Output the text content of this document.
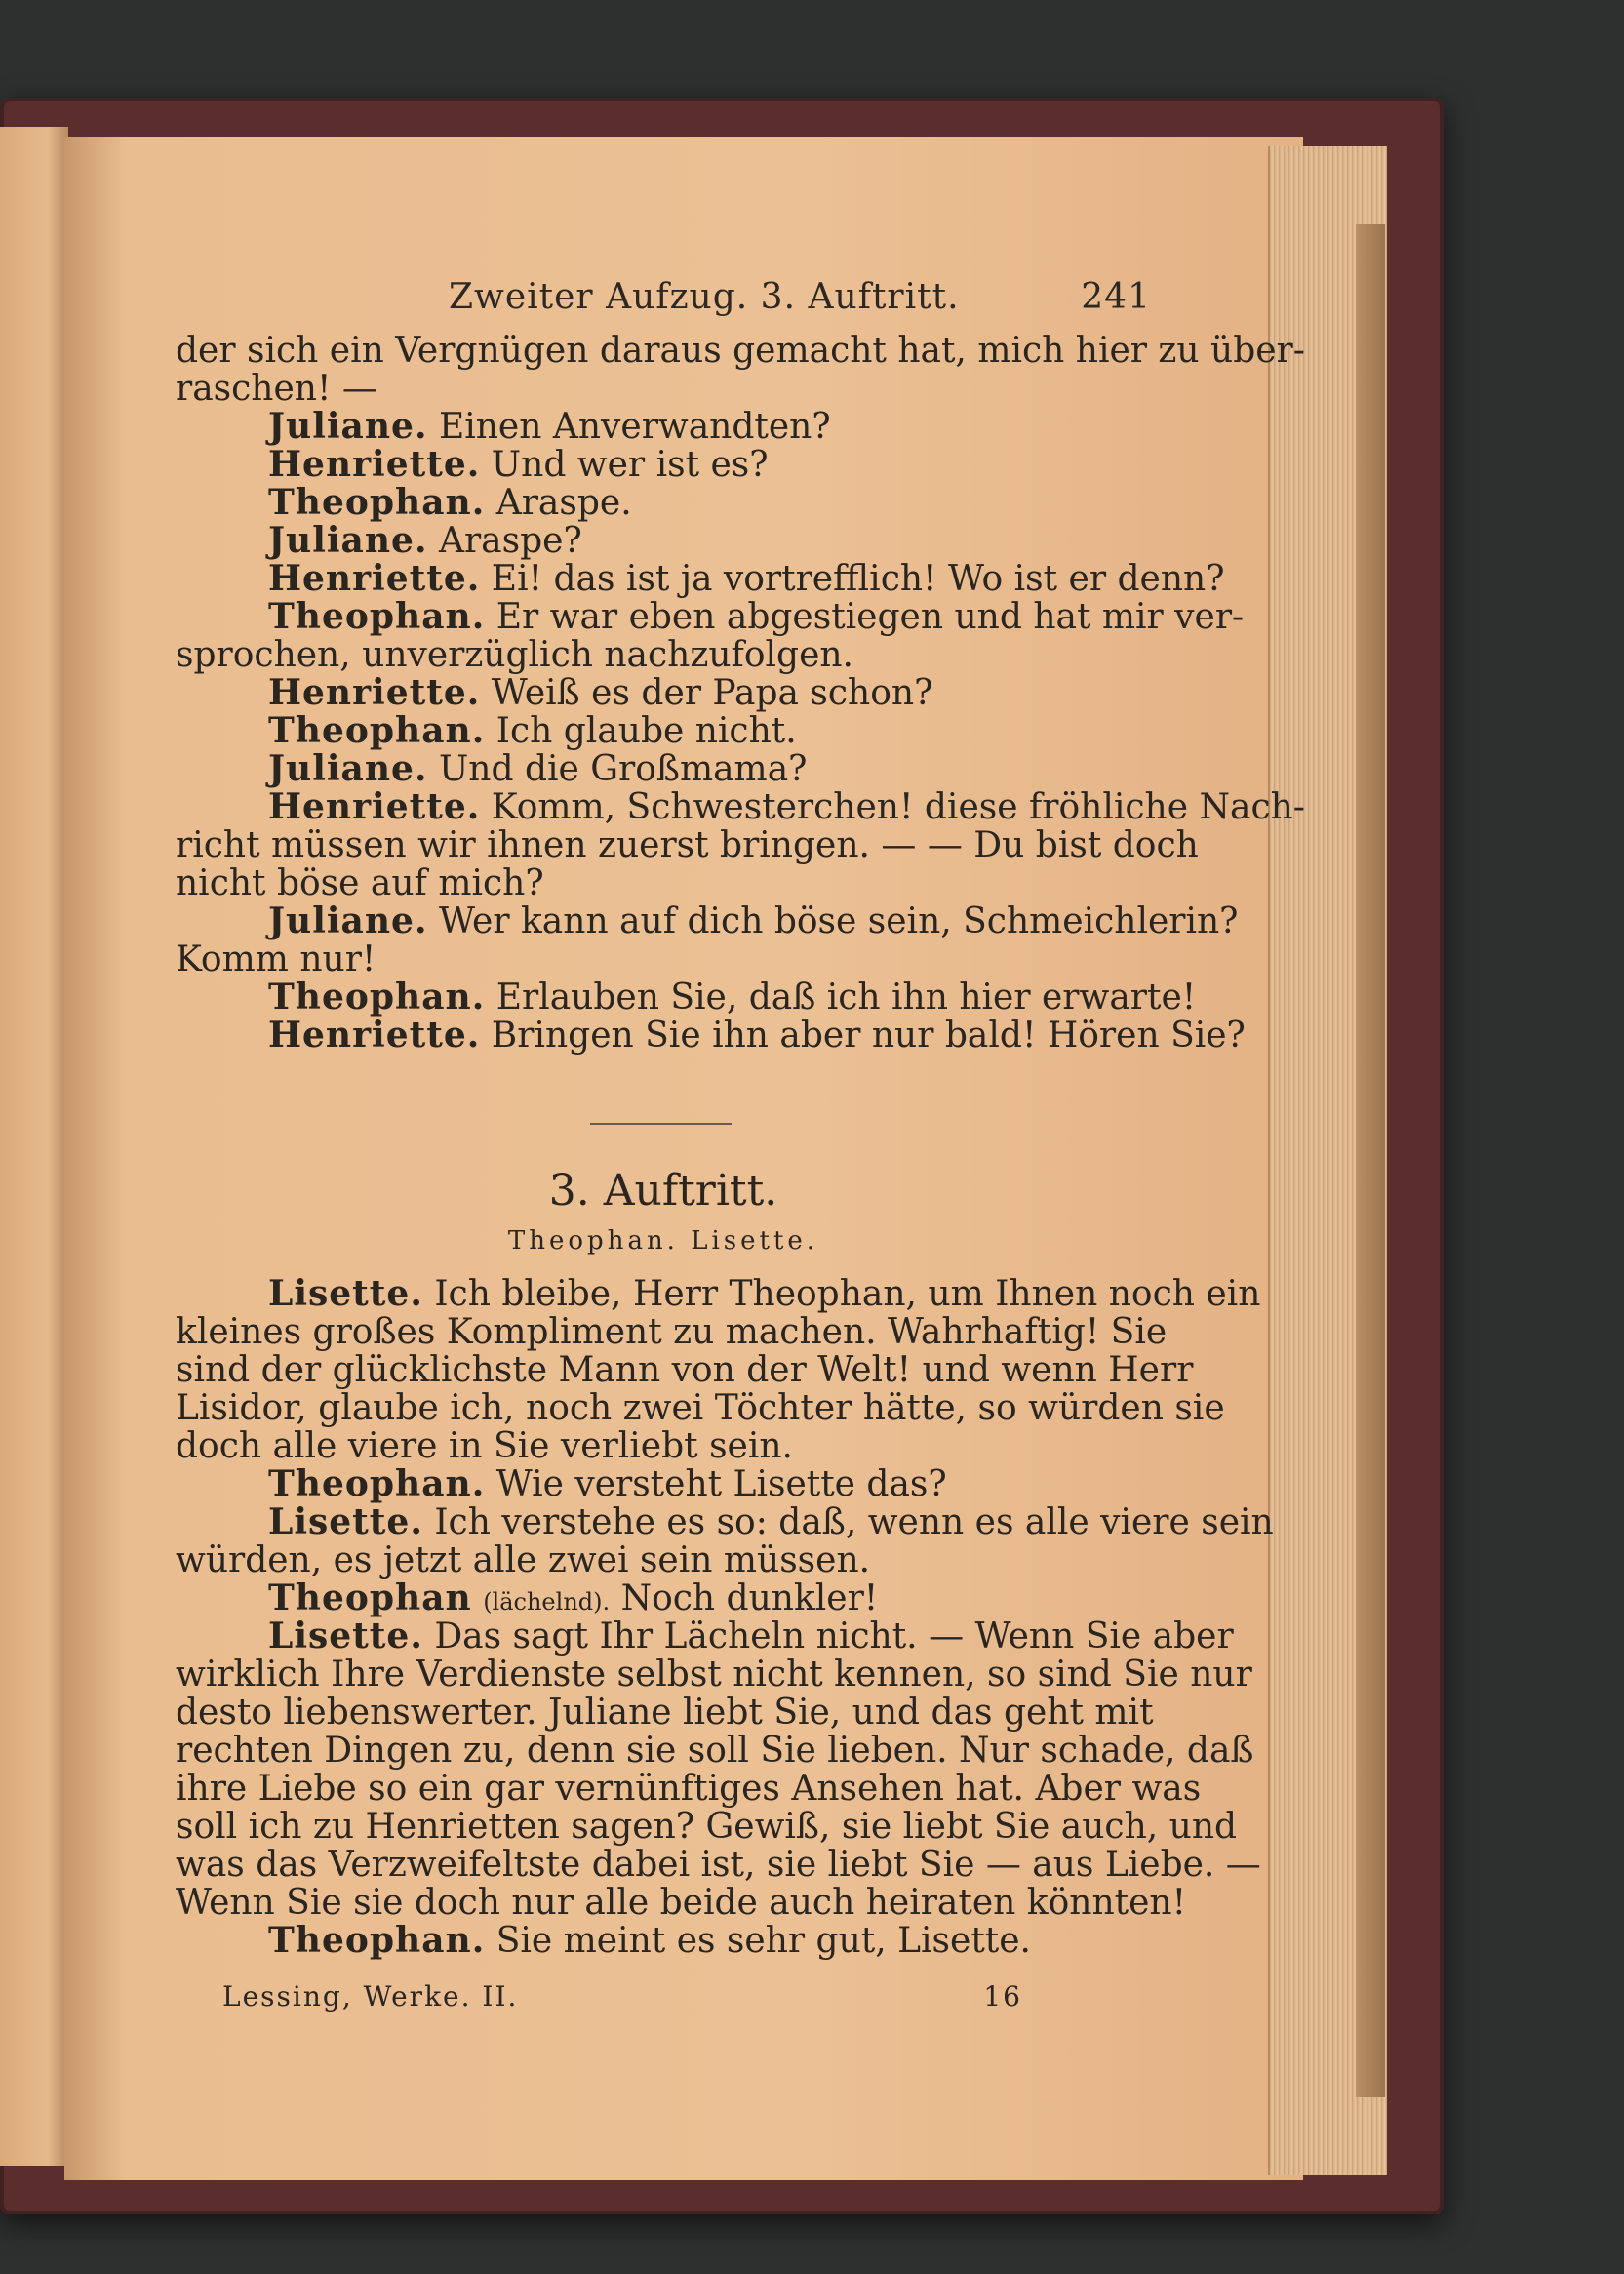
Zweiter Aufzug. 3. Auftritt.	241
der sich ein Vergnügen daraus gemacht hat, mich hier zu über-
raschen! —
Juliane. Einen Anverwandten?
Henriette. Und wer ist es?
Theophan. Araspe.
Juliane. Araspe?
Henriette. Ei! das ist ja vortrefflich! Wo ist er denn?
Theophan. Er war eben abgestiegen und hat mir ver-
sprochen, unverzüglich nachzufolgen.
Henriette. Weiß es der Papa schon?
Theophan. Ich glaube nicht.
Juliane. Und die Großmama?
Henriette. Komm, Schwesterchen! diese fröhliche Nach-
richt müssen wir ihnen zuerst bringen. — — Du bist doch
nicht böse auf mich?
Juliane. Wer kann auf dich böse sein, Schmeichlerin?
Komm nur!
Theophan. Erlauben Sie, daß ich ihn hier erwarte!
Henriette. Bringen Sie ihn aber nur bald! Hören Sie?
3. Auftritt.
Theophan. Lisette.
Lisette. Ich bleibe, Herr Theophan, um Ihnen noch ein
kleines großes Kompliment zu machen. Wahrhaftig! Sie
sind der glücklichste Mann von der Welt! und wenn Herr
Lisidor, glaube ich, noch zwei Töchter hätte, so würden sie
doch alle viere in Sie verliebt sein.
Theophan. Wie versteht Lisette das?
Lisette. Ich verstehe es so: daß, wenn es alle viere sein
würden, es jetzt alle zwei sein müssen.
Theophan (lächelnd). Noch dunkler!
Lisette. Das sagt Ihr Lächeln nicht. — Wenn Sie aber
wirklich Ihre Verdienste selbst nicht kennen, so sind Sie nur
desto liebenswerter. Juliane liebt Sie, und das geht mit
rechten Dingen zu, denn sie soll Sie lieben. Nur schade, daß
ihre Liebe so ein gar vernünftiges Ansehen hat. Aber was
soll ich zu Henrietten sagen? Gewiß, sie liebt Sie auch, und
was das Verzweifeltste dabei ist, sie liebt Sie — aus Liebe. —
Wenn Sie sie doch nur alle beide auch heiraten könnten!
Theophan. Sie meint es sehr gut, Lisette.
Lessing, Werke. II.	16
